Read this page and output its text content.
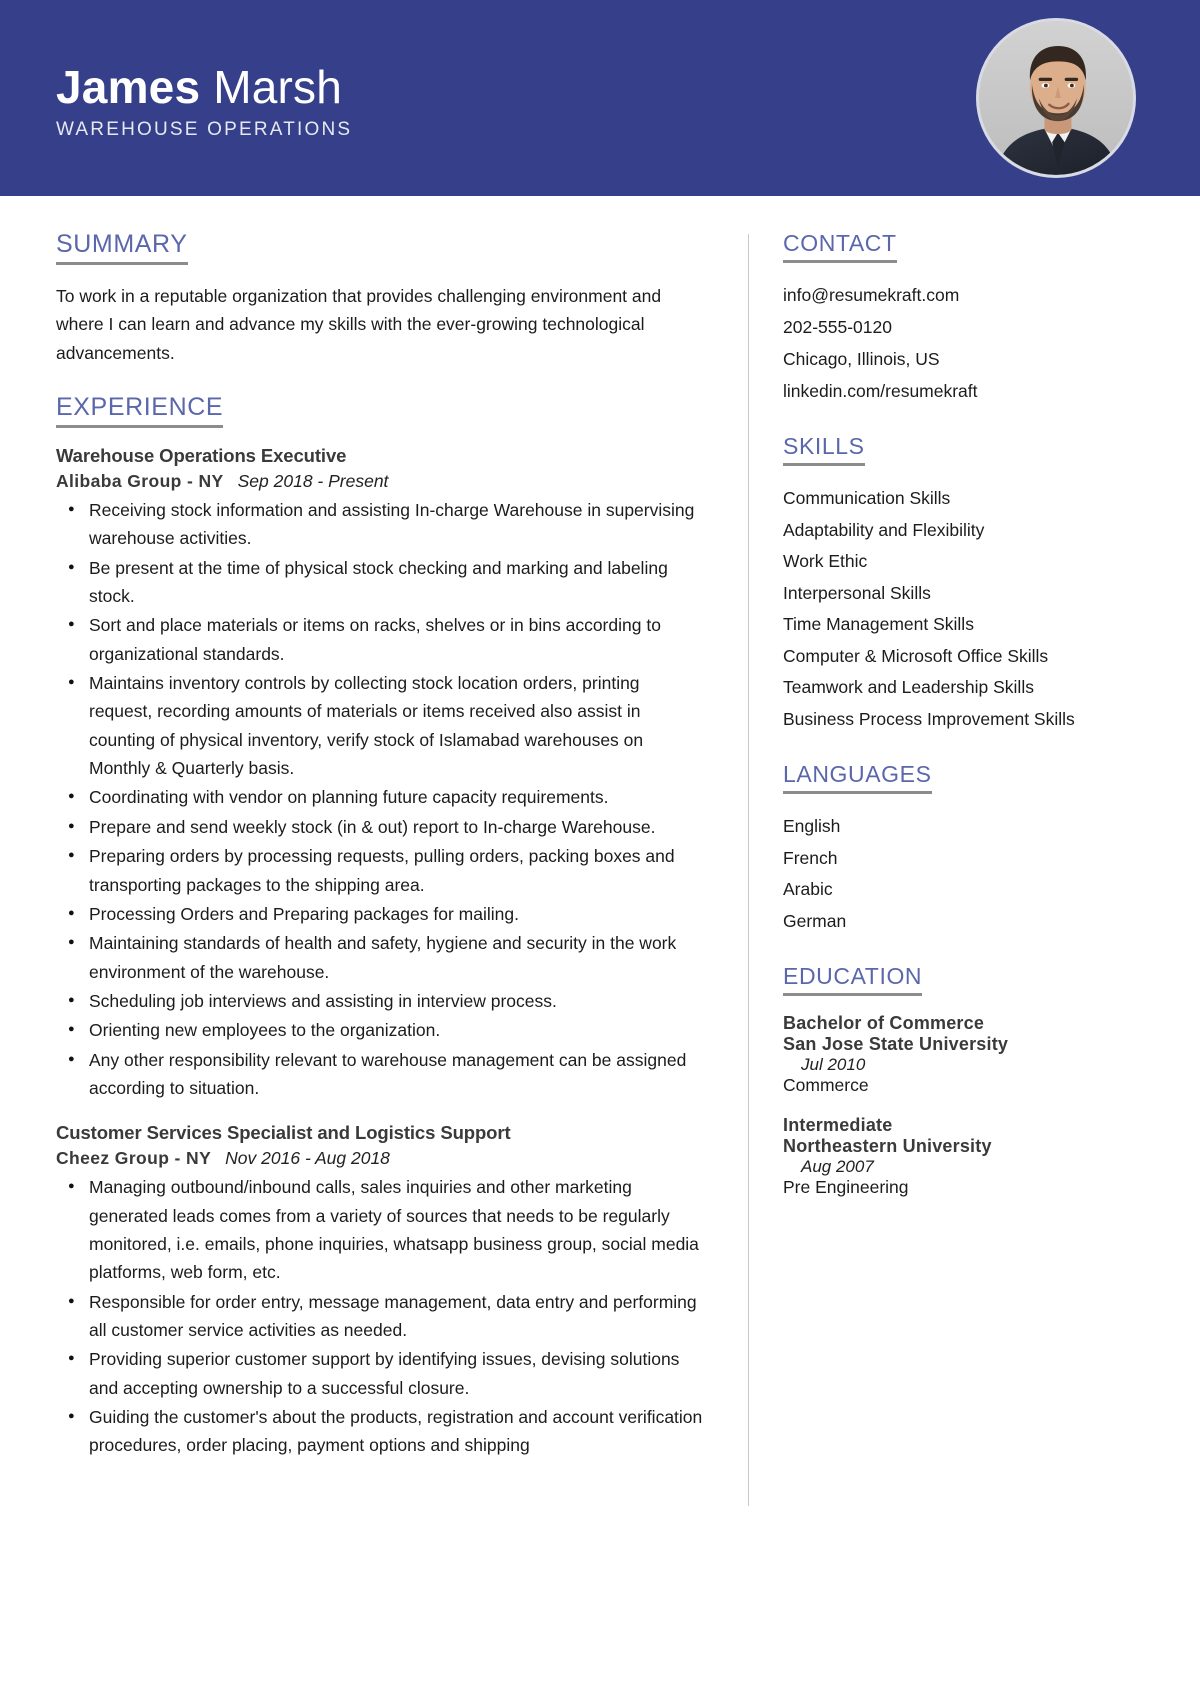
James Marsh
WAREHOUSE OPERATIONS
SUMMARY
To work in a reputable organization that provides challenging environment and where I can learn and advance my skills with the ever-growing technological advancements.
EXPERIENCE
Warehouse Operations Executive
Alibaba Group - NY Sep 2018 - Present
● Receiving stock information and assisting In-charge Warehouse in supervising warehouse activities.
● Be present at the time of physical stock checking and marking and labeling stock.
● Sort and place materials or items on racks, shelves or in bins according to organizational standards.
● Maintains inventory controls by collecting stock location orders, printing request, recording amounts of materials or items received also assist in counting of physical inventory, verify stock of Islamabad warehouses on Monthly & Quarterly basis.
● Coordinating with vendor on planning future capacity requirements.
● Prepare and send weekly stock (in & out) report to In-charge Warehouse.
● Preparing orders by processing requests, pulling orders, packing boxes and transporting packages to the shipping area.
● Processing Orders and Preparing packages for mailing.
● Maintaining standards of health and safety, hygiene and security in the work environment of the warehouse.
● Scheduling job interviews and assisting in interview process.
● Orienting new employees to the organization.
● Any other responsibility relevant to warehouse management can be assigned according to situation.
Customer Services Specialist and Logistics Support
Cheez Group - NY Nov 2016 - Aug 2018
● Managing outbound/inbound calls, sales inquiries and other marketing generated leads comes from a variety of sources that needs to be regularly monitored, i.e. emails, phone inquiries, whatsapp business group, social media platforms, web form, etc.
● Responsible for order entry, message management, data entry and performing all customer service activities as needed.
● Providing superior customer support by identifying issues, devising solutions and accepting ownership to a successful closure.
● Guiding the customer's about the products, registration and account verification procedures, order placing, payment options and shipping
CONTACT
info@resumekraft.com
202-555-0120
Chicago, Illinois, US
linkedin.com/resumekraft
SKILLS
Communication Skills
Adaptability and Flexibility
Work Ethic
Interpersonal Skills
Time Management Skills
Computer & Microsoft Office Skills
Teamwork and Leadership Skills
Business Process Improvement Skills
LANGUAGES
English
French
Arabic
German
EDUCATION
Bachelor of Commerce
San Jose State University
Jul 2010
Commerce
Intermediate
Northeastern University
Aug 2007
Pre Engineering
